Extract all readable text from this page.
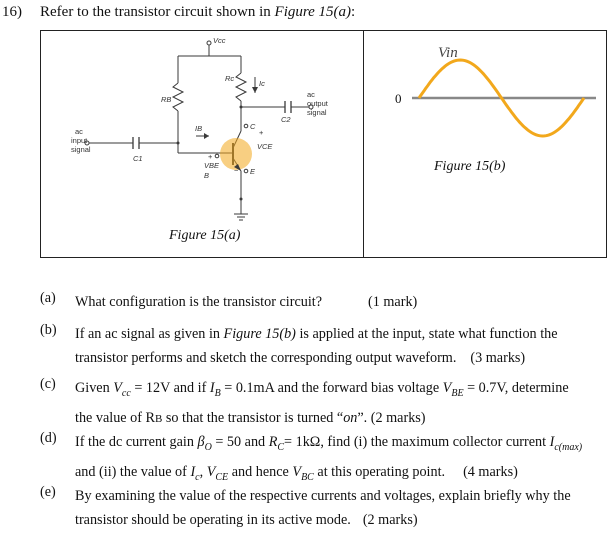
16) Refer to the transistor circuit shown in Figure 15(a):
Vcc
Rc
Ic
RB
IB	C
C2
+
VCE
+
B
VBE
− E
C1
ac
input
signal
ac
output
signal
Figure 15(a)
Vin
0
Figure 15(b)
(a)	What configuration is the transistor circuit?	(1 mark)
(b)	If an ac signal as given in Figure 15(b) is applied at the input, state what function the
transistor performs and sketch the corresponding output waveform. (3 marks)
(c)	Given $V_{cc} = 12V$ and if $I_B = 0.1mA$ and the forward bias voltage $V_{BE} = 0.7V$, determine
the value of RB so that the transistor is turned “on”. (2 marks)
(d)	If the dc current gain $\beta_O = 50$ and $R_C= 1k\Omega$, find (i) the maximum collector current $I_{c(max)}$
and (ii) the value of $I_c$, $V_{CE}$ and hence $V_{BC}$ at this operating point. (4 marks)
(e)	By examining the value of the respective currents and voltages, explain briefly why the
transistor should be operating in its active mode. (2 marks)
